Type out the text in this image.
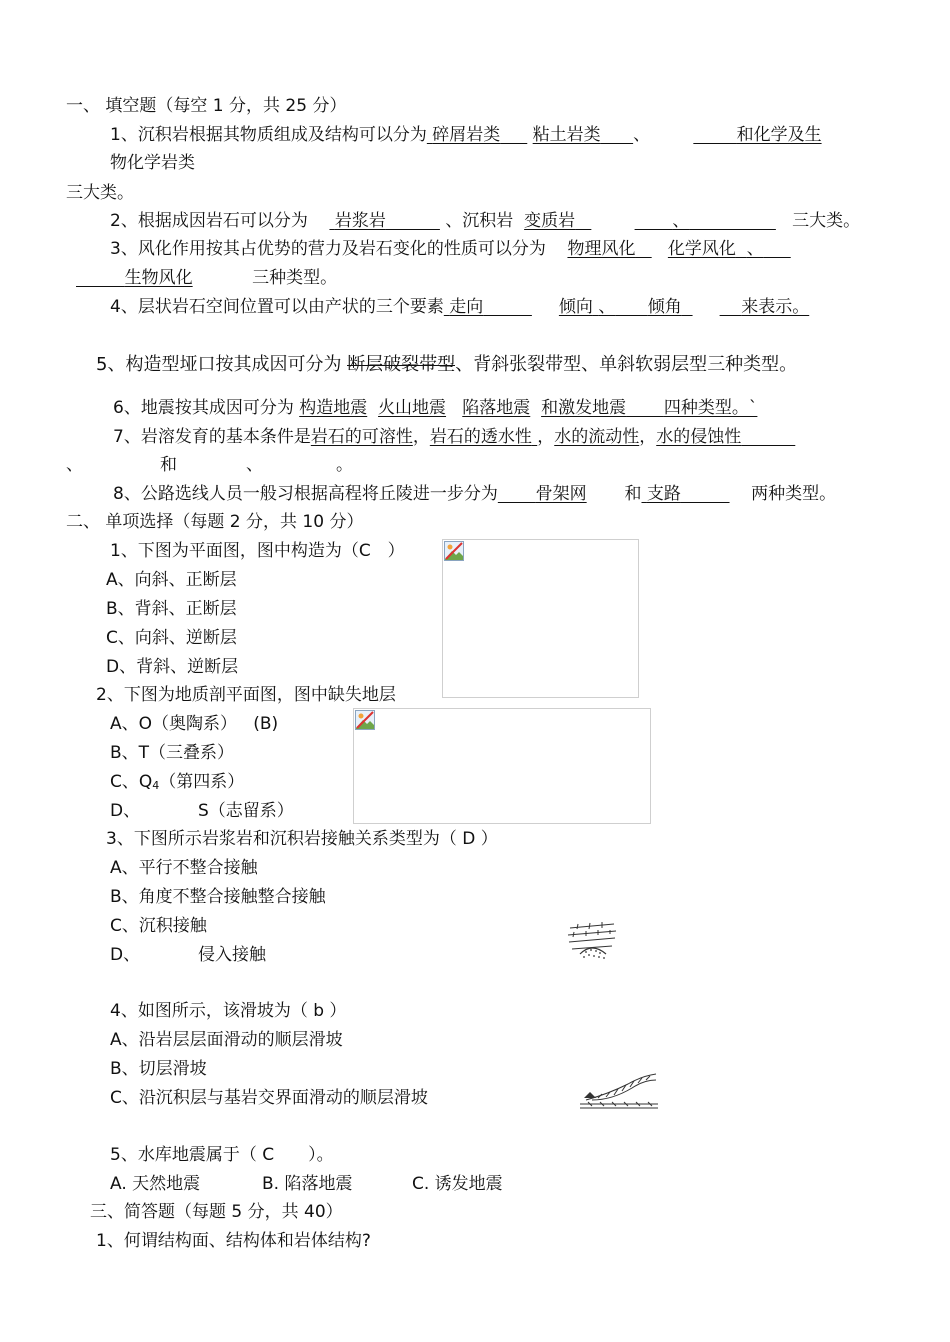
一、 填空题（每空 1 分，共 25 分）
1、沉积岩根据其物质组成及结构可以分为 碎屑岩类 粘土岩类 、	和化学及生
物化学岩类
三大类。
2、根据成因岩石可以分为 岩浆岩	、沉积岩 变质岩	、	三大类。
3、风化作用按其占优势的营力及岩石变化的性质可以分为 物理风化 化学风化 、
生物风化	三种类型。
4、层状岩石空间位置可以由产状的三个要素 走向	倾向 、 倾角	来表示。
5、构造型垭口按其成因可分为 断层破裂带型、背斜张裂带型、单斜软弱层型三种类型。
6、地震按其成因可分为 构造地震 火山地震 陷落地震 和激发地震 四种类型。`
7、岩溶发育的基本条件是岩石的可溶性，岩石的透水性 ，水的流动性，水的侵蚀性
、	和	、	。
8、公路选线人员一般习根据高程将丘陵进一步分为 骨架网 和 支路	两种类型。
二、 单项选择（每题 2 分，共 10 分）
1、下图为平面图，图中构造为（C　）
A、向斜、正断层
B、背斜、正断层
C、向斜、逆断层
D、背斜、逆断层
2、下图为地质剖平面图，图中缺失地层
A、O（奥陶系） (B)
B、T（三叠系）
C、$Q_4$（第四系）
D、	S（志留系）
3、下图所示岩浆岩和沉积岩接触关系类型为（ D ）
A、平行不整合接触
B、角度不整合接触整合接触
C、沉积接触
D、	侵入接触
4、如图所示，该滑坡为（ b ）
A、沿岩层层面滑动的顺层滑坡
B、切层滑坡
C、沿沉积层与基岩交界面滑动的顺层滑坡
5、水库地震属于（ C　　）。
A. 天然地震	B. 陷落地震	C. 诱发地震
三、简答题（每题 5 分，共 40）
1、何谓结构面、结构体和岩体结构?
